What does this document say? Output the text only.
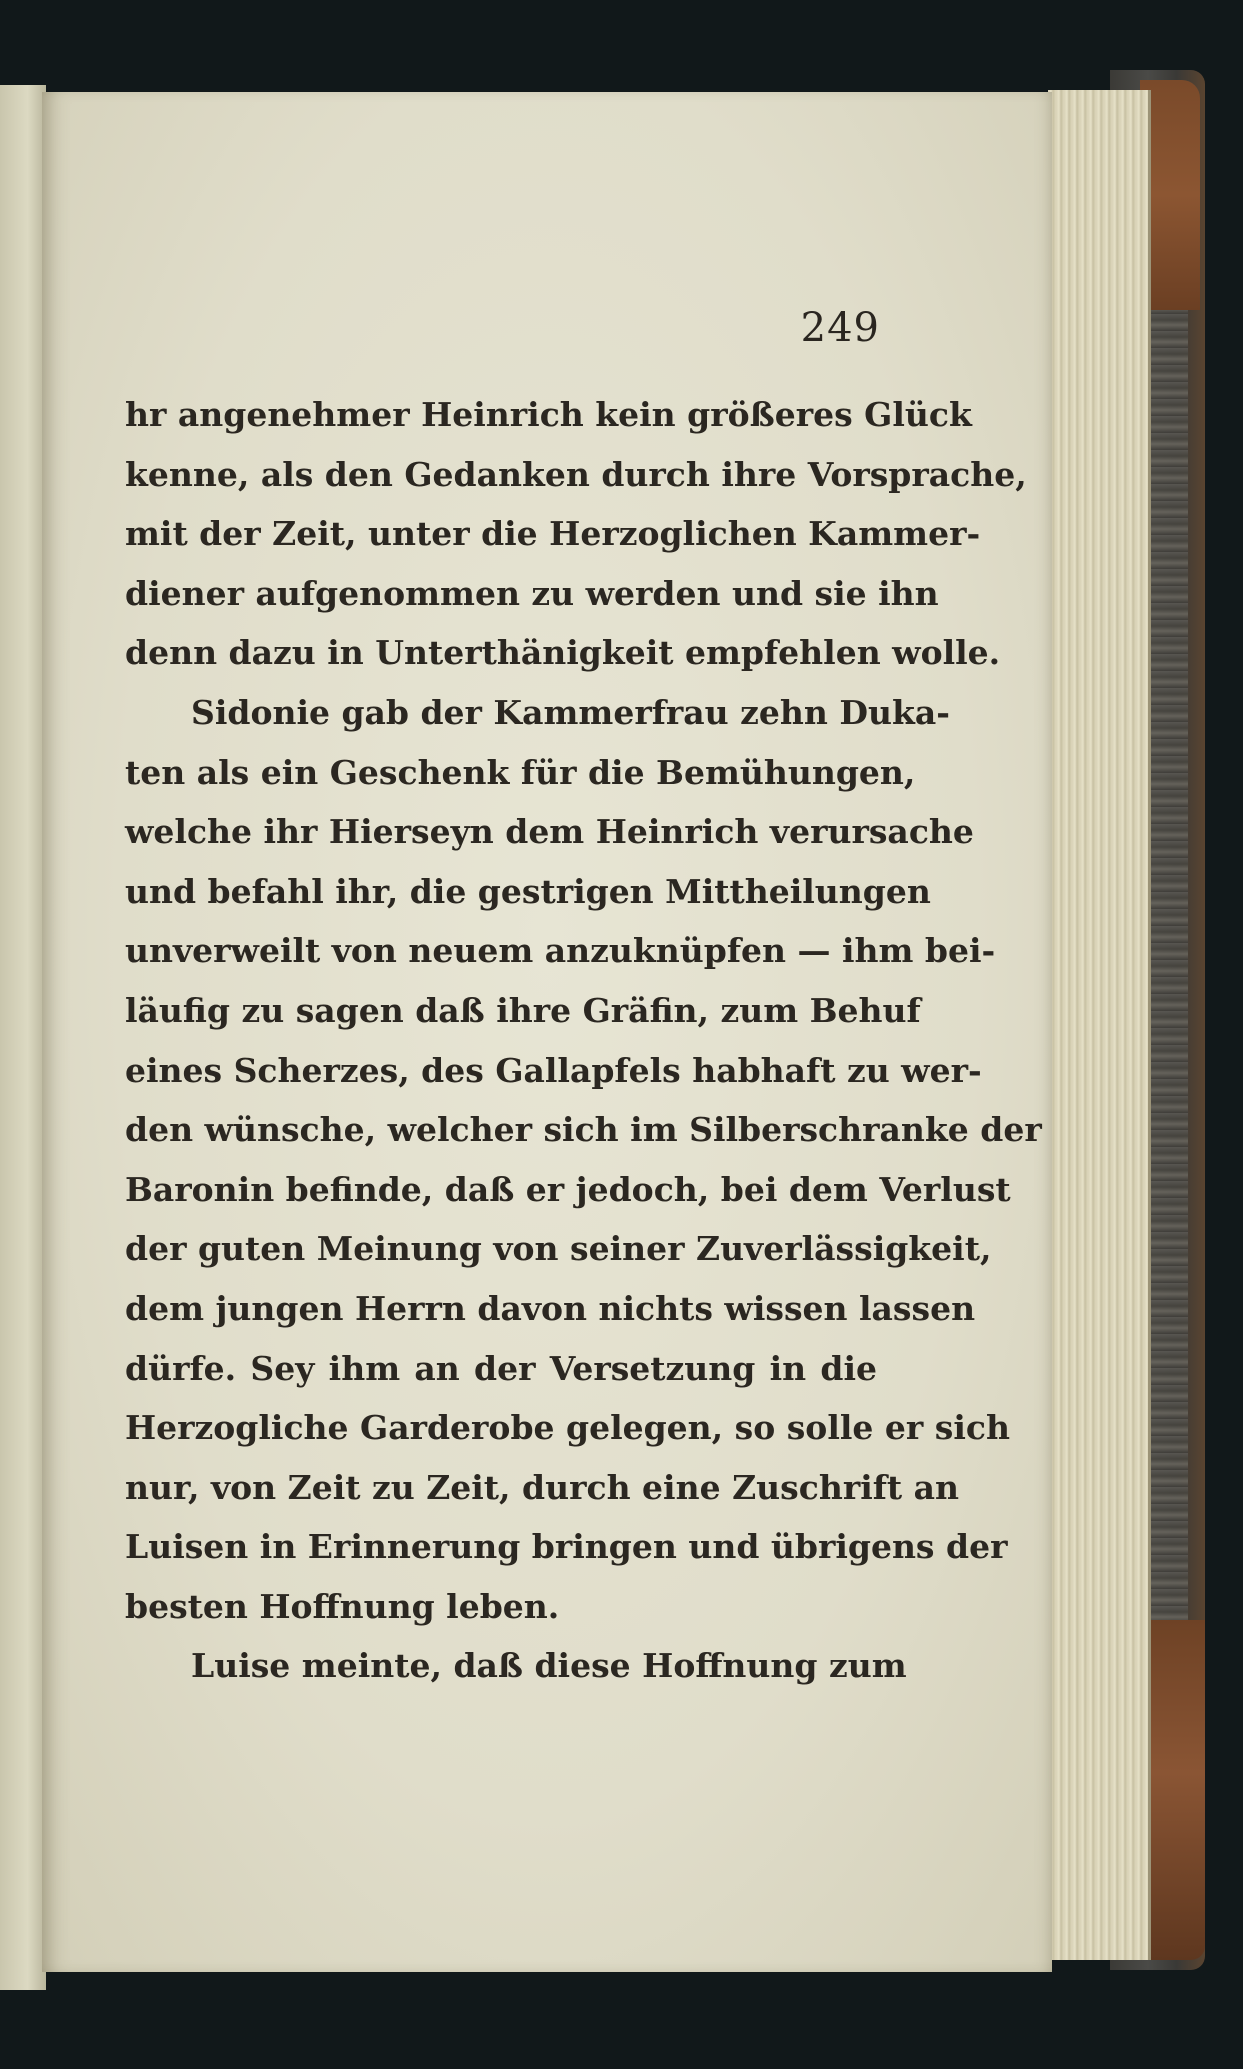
249
hr angenehmer Heinrich kein größeres Glück
kenne, als den Gedanken durch ihre Vorsprache,
mit der Zeit, unter die Herzoglichen Kammer-
diener aufgenommen zu werden und sie ihn
denn dazu in Unterthänigkeit empfehlen wolle.
Sidonie gab der Kammerfrau zehn Duka-
ten als ein Geschenk für die Bemühungen,
welche ihr Hierseyn dem Heinrich verursache
und befahl ihr, die gestrigen Mittheilungen
unverweilt von neuem anzuknüpfen — ihm bei-
läufig zu sagen daß ihre Gräfin, zum Behuf
eines Scherzes, des Gallapfels habhaft zu wer-
den wünsche, welcher sich im Silberschranke der
Baronin befinde, daß er jedoch, bei dem Verlust
der guten Meinung von seiner Zuverlässigkeit,
dem jungen Herrn davon nichts wissen lassen
dürfe. Sey ihm an der Versetzung in die
Herzogliche Garderobe gelegen, so solle er sich
nur, von Zeit zu Zeit, durch eine Zuschrift an
Luisen in Erinnerung bringen und übrigens der
besten Hoffnung leben.
Luise meinte, daß diese Hoffnung zum
